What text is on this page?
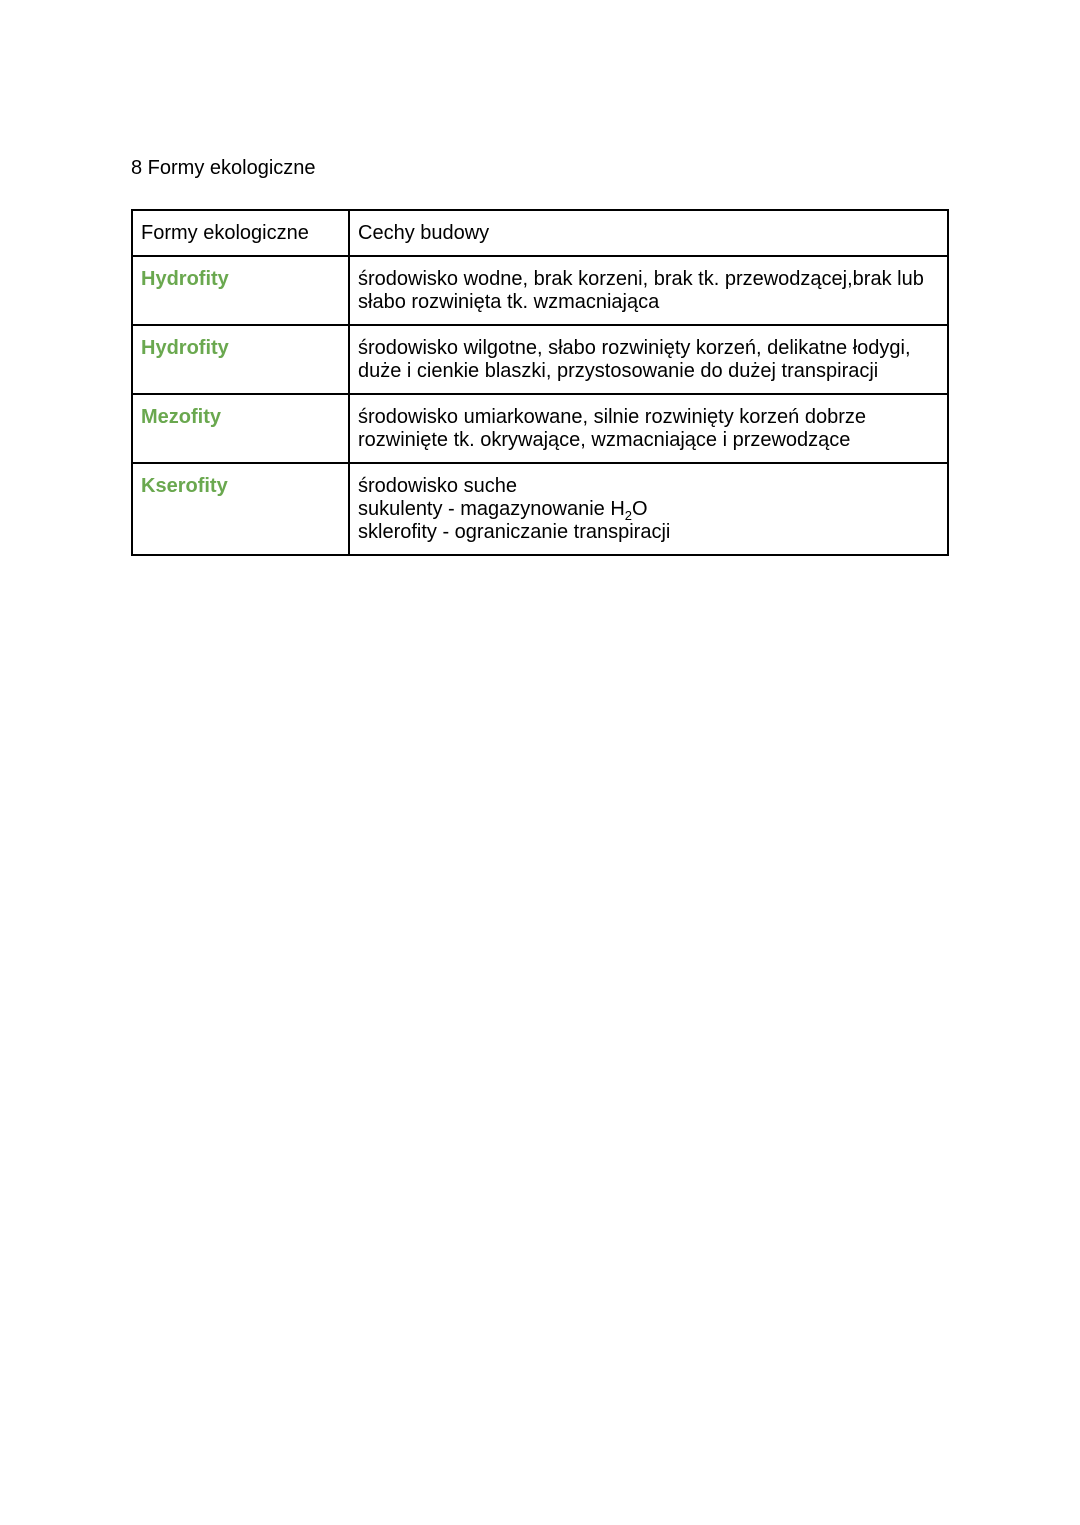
8 Formy ekologiczne
Formy ekologiczne	Cechy budowy
Hydrofity	środowisko wodne, brak korzeni, brak tk. przewodzącej,brak lub
słabo rozwinięta tk. wzmacniająca

Hydrofity	środowisko wilgotne, słabo rozwinięty korzeń, delikatne łodygi,
duże i cienkie blaszki, przystosowanie do dużej transpiracji

Mezofity	środowisko umiarkowane, silnie rozwinięty korzeń dobrze
rozwinięte tk. okrywające, wzmacniające i przewodzące

Kserofity	środowisko suche
sukulenty - magazynowanie $H_2O$
sklerofity - ograniczanie transpiracji
